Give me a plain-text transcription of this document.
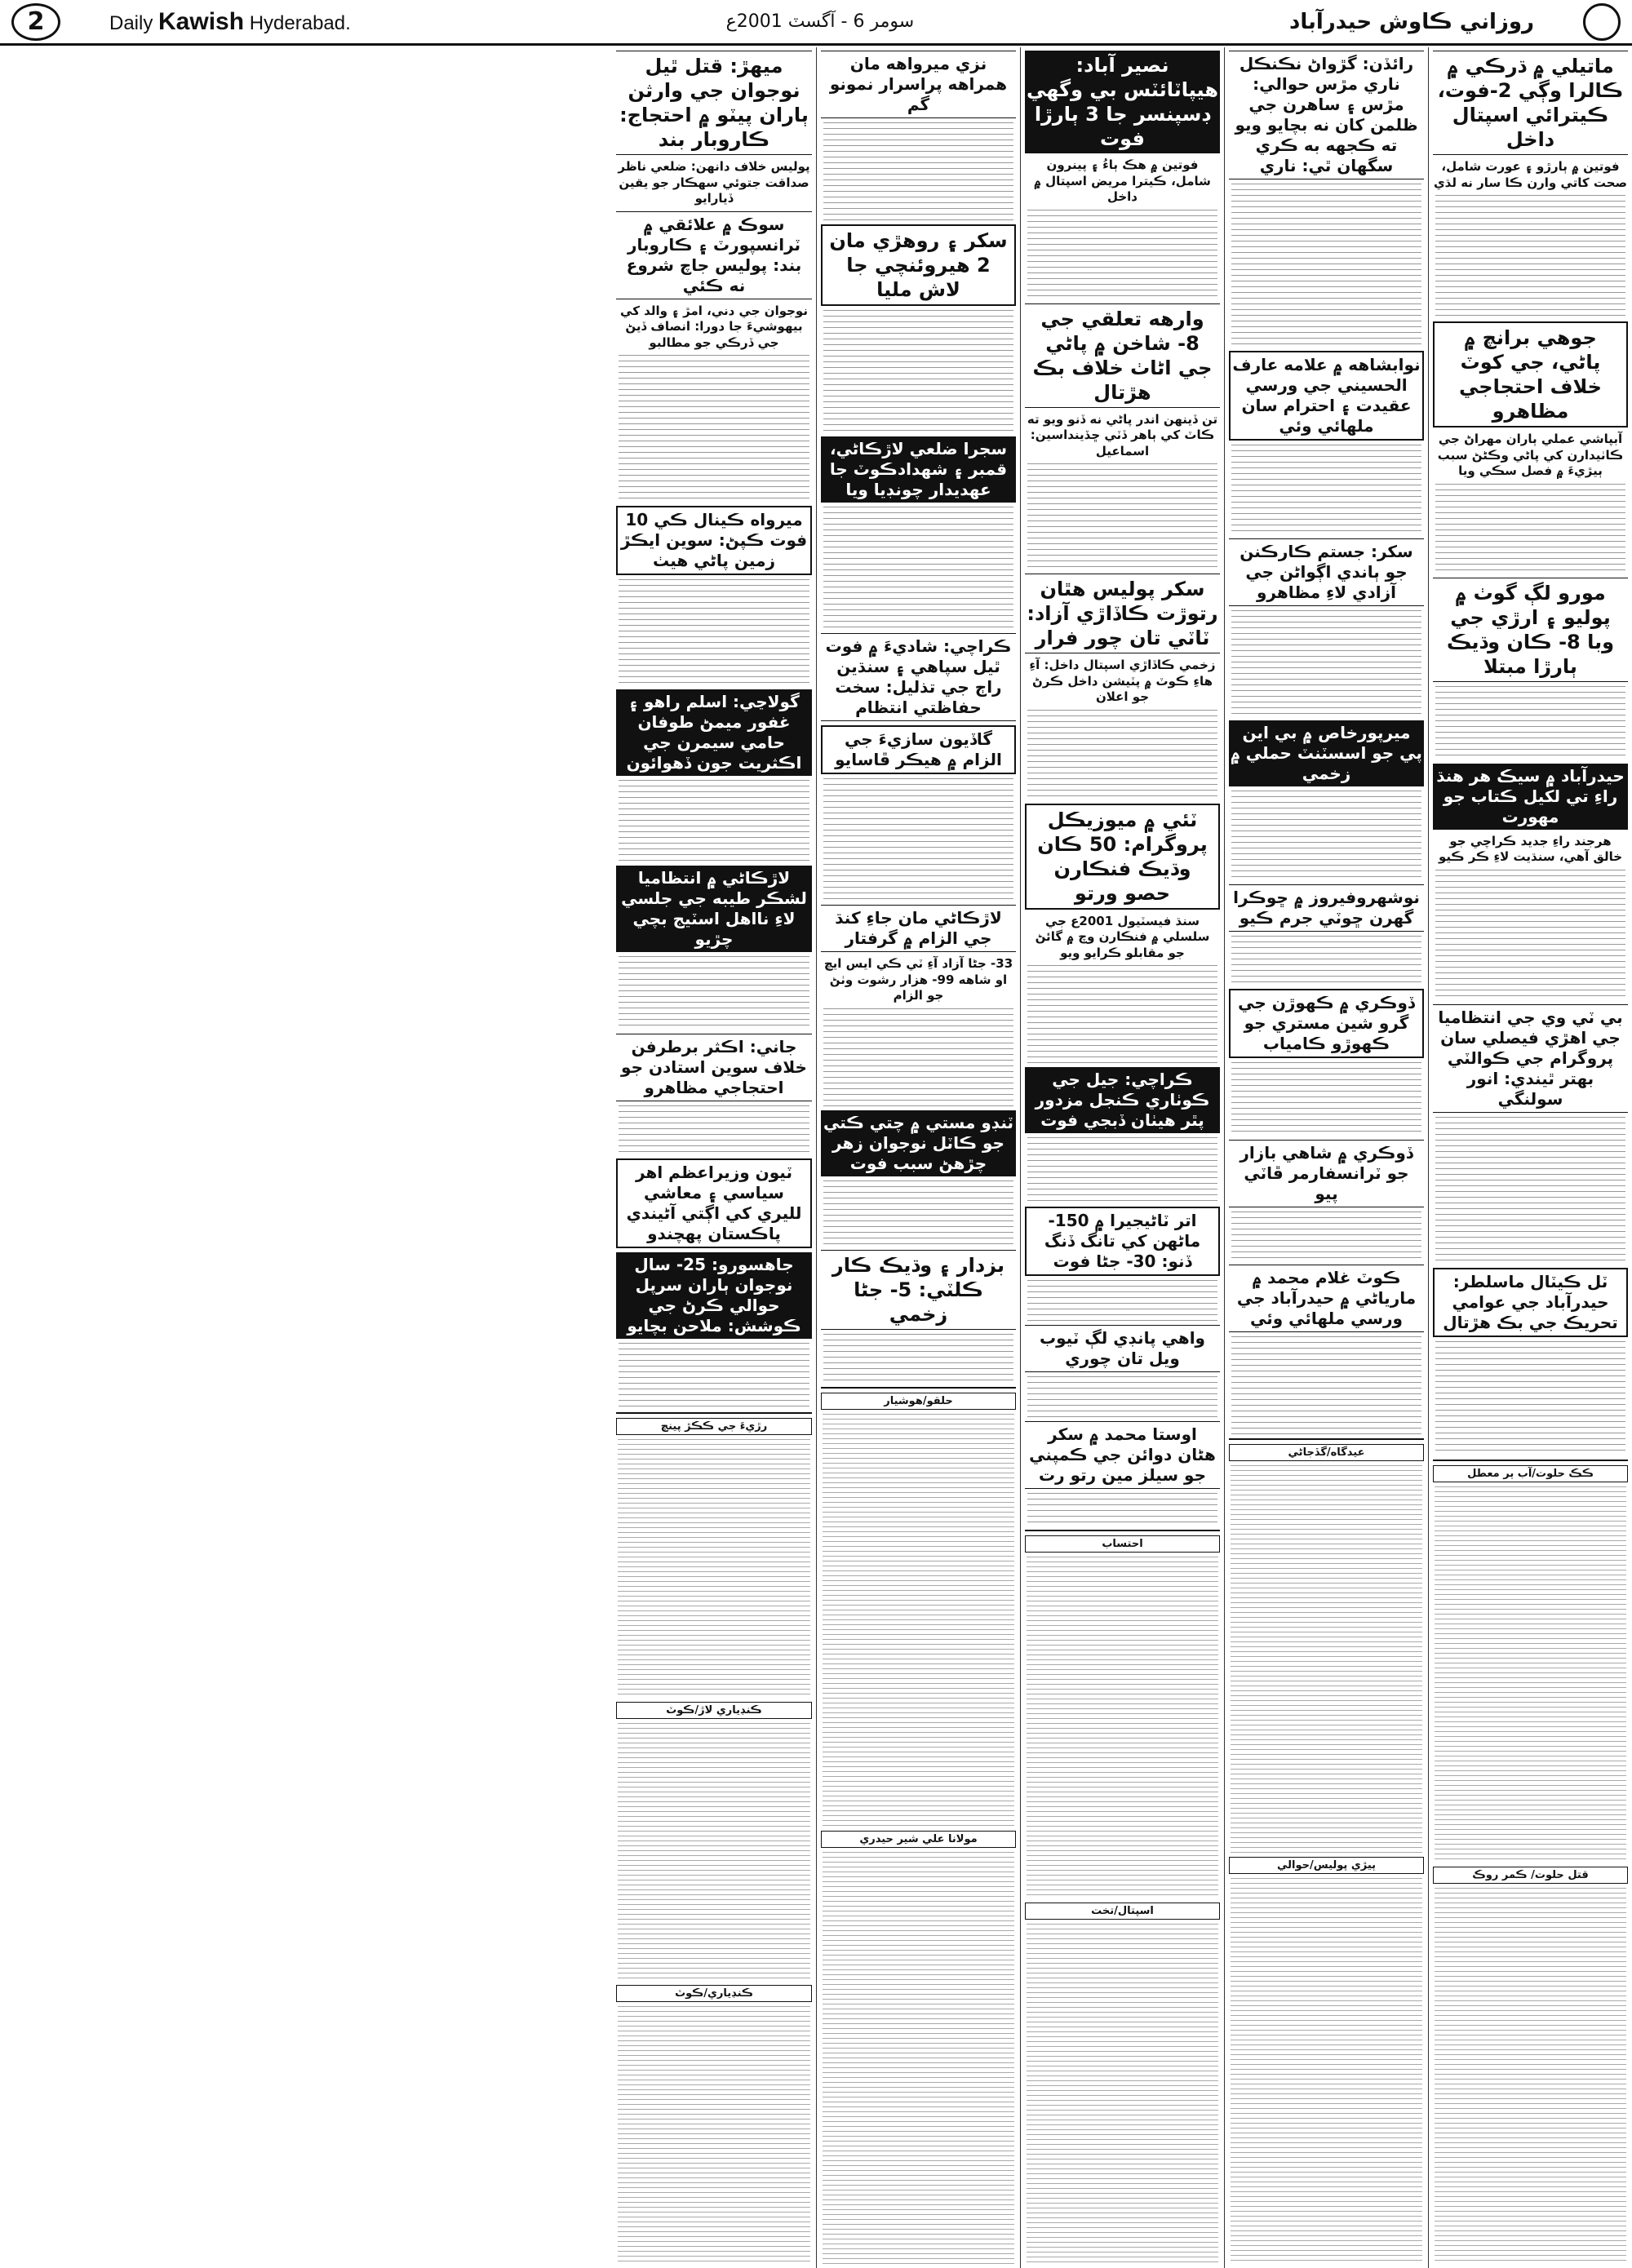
2	Daily Kawish Hyderabad.	سومر 6 - آگسٽ 2001ع	روزاني ڪاوش حيدرآباد
ماتيلي ۾ ڌرڪي ۾ ڪالرا وڳي 2-فوت، ڪيترائي اسپتال داخل
فوتين ۾ ٻارڙو ۽ عورت شامل، صحت کاتي وارن ڪا سار نه لڌي
جوهي برانچ ۾ پاڻي، جي کوٽ خلاف احتجاجي مظاهرو
آبپاشي عملي ٻاران مهراڻ جي ڪاٺيدارن کي پاڻي وڪڻڻ سبب ٻيڙيءَ ۾ فصل سڪي ويا
مورو لڳ گوٺ ۾ پوليو ۽ ارڙي جي وبا 8- ڪان وڌيڪ ٻارڙا مبتلا
حيدرآباد ۾ سيڪ هر هنڌ راءِ تي لکيل ڪتاب جو مهورت
هرجند راءِ جديد ڪراچي جو خالق آهي، سنڌيت لاءِ ڪر ڪيو
بي ٽي وي جي انتظاميا جي اهڙي فيصلي سان پروگرام جي ڪوالٽي بهتر ٿيندي: انور سولنگي
ٽل ڪيٽال ماسلطر: حيدرآباد جي عوامي تحريڪ جي بڪ هڙتال
ڪڪ حلوت/آب ٻر معطل
قتل حلوت/ ڪمر روڪ
رائڏن: گڙواڻ نڪنڪل ناري مڙس حوالي: مڙس ۽ ساهرن جي ظلمن کان نه بچايو ويو ته ڪجهه به ڪري سگهان ٿي: ناري
نوابشاهه ۾ علامه عارف الحسيني جي ورسي عقيدت ۽ احترام سان ملهائي وئي
سکر: جستم ڪارڪنن جو ٻاندي اڳواڻن جي آزادي لاءِ مظاهرو
ميرپورخاص ۾ بي اين پي جو اسسٽنٽ حملي ۾ زخمي
نوشهروفيروز ۾ ڇوڪرا گهرن ڇوٽي جرم ڪيو
ڏوڪري ۾ ڪهوڙن جي گرو شين مستري جو ڪهوڙو ڪامياب
ڏوڪري ۾ شاهي بازار جو ٽرانسفارمر ڦاٽي پيو
ڪوٽ غلام محمد ۾ مارياڻي ۾ حيدرآباد جي ورسي ملهائي وئي
عيدگاه/گڏجاڻي
ٻيڙي پوليس/حوالي
نصير آباد: هيپاٽائٽس بي وگهي ڊسپنسر جا 3 ٻارڙا فوت
فوتين ۾ هڪ ٻاءُ ۽ پينرون شامل، ڪيترا مريض اسپتال ۾ داخل
وارهه تعلقي جي 8- شاخن ۾ پاڻي جي اڻاٺ خلاف بڪ هڙتال
تن ڏينهن اندر پاڻي نه ڏنو ويو ته ڪاٽ کي ٻاهر ڏٽي ڇڏينداسين: اسماعيل
سکر پوليس هٿان رتوڙت ڪاڏاڙي آزاد: ٽاٽي تان چور فرار
زخمي ڪاڏاڙي اسپتال داخل: آءِ هاءِ ڪوٽ ۾ پٽيشن داخل ڪرڻ جو اعلان
ٽئي ۾ ميوزيڪل پروگرام: 50 ڪان وڌيڪ فنڪارن حصو ورتو
سنڌ فيسٽيول 2001ع جي سلسلي ۾ فنڪارن وچ ۾ گائڻ جو مقابلو ڪرايو ويو
ڪراچي: جيل جي ڪوٺاري ڪنجل مزدور پٿر هيٺان ڏبجي فوت
اتر ٽاڻيجيرا ۾ 150- ماڻهن کي تانگ ڏنگ ڏنو: 30- جڻا فوت
واهي پانڊي لڳ ٽيوب ويل تان چوري
اوستا محمد ۾ سکر هڻان دوائن جي ڪمپني جو سيلز مين رتو رت
احتساب
اسپتال/تخت
نزي ميرواهه مان همراهه پراسرار نمونو گم
سکر ۽ روهڙي مان 2 هيروئنچي جا لاش مليا
سجرا ضلعي لاڙڪاڻي، قمبر ۽ شهدادڪوٽ جا عهديدار چونڊيا ويا
ڪراچي: شاديءَ ۾ فوت ٿيل سپاهي ۽ سنڌين راڄ جي تذليل: سخت حفاظتي انتظام
گاڏيون سازيءَ جي الزام ۾ هيڪر ڦاسايو
لاڙڪاڻي مان جاءِ کنڌ جي الزام ۾ گرفتار
33- جڻا آزاد آءِ ٽي ڪي ايس ايڇ او شاهه 99- هزار رشوت وٺڻ جو الزام
ٽنڊو مستي ۾ چتي ڪتي جو ڪاٽل نوجوان زهر چڙهڻ سبب فوت
بزدار ۽ وڌيڪ ڪار ڪلٽي: 5- جڻا زخمي
حلقو/هوشيار
مولانا علي شير حيدري
ميهڙ: قتل ٿيل نوجوان جي وارثن ٻاران پيٽو ۾ احتجاج: ڪاروبار بند
پوليس خلاف دانهن: ضلعي ناظر صداقت جتوئي سهڪار جو يقين ڏيارايو
سوڪ ۾ علائقي ۾ ٽرانسپورٽ ۽ ڪاروبار بند: پوليس جاچ شروع نه ڪئي
نوجوان جي دني، امڙ ۽ والد کي بيهوشيءَ جا دورا: انصاف ڏيڻ جي ڏرڪي جو مطالبو
ميرواه ڪينال ڪي 10 فوت ڪپڻ: سوين ايڪڙ زمين پاڻي هيٺ
گولاڃي: اسلم راهو ۽ غفور ميمڻ طوفان حامي سيمرن جي اڪثريت جون ڏهوائون
لاڙڪاڻي ۾ انتظاميا لشڪر طيبه جي جلسي لاءِ نااهل اسٽيج بچي چڙيو
جاني: اڪثر برطرفن خلاف سوين استادن جو احتجاجي مظاهرو
ٽيون وزيراعظم اهر سياسي ۽ معاشي لليري کي اڳتي آڻيندي پاڪستان پهچندو
جاهسورو: 25- سال نوجوان ٻاران سرپل حوالي ڪرڻ جي ڪوشش: ملاحن بچايو
رڙيءَ جي ڪڪڙ پينچ
ڪنڊياري لاڙ/ڪوٽ
ڪنڊياري/ڪوٽ
